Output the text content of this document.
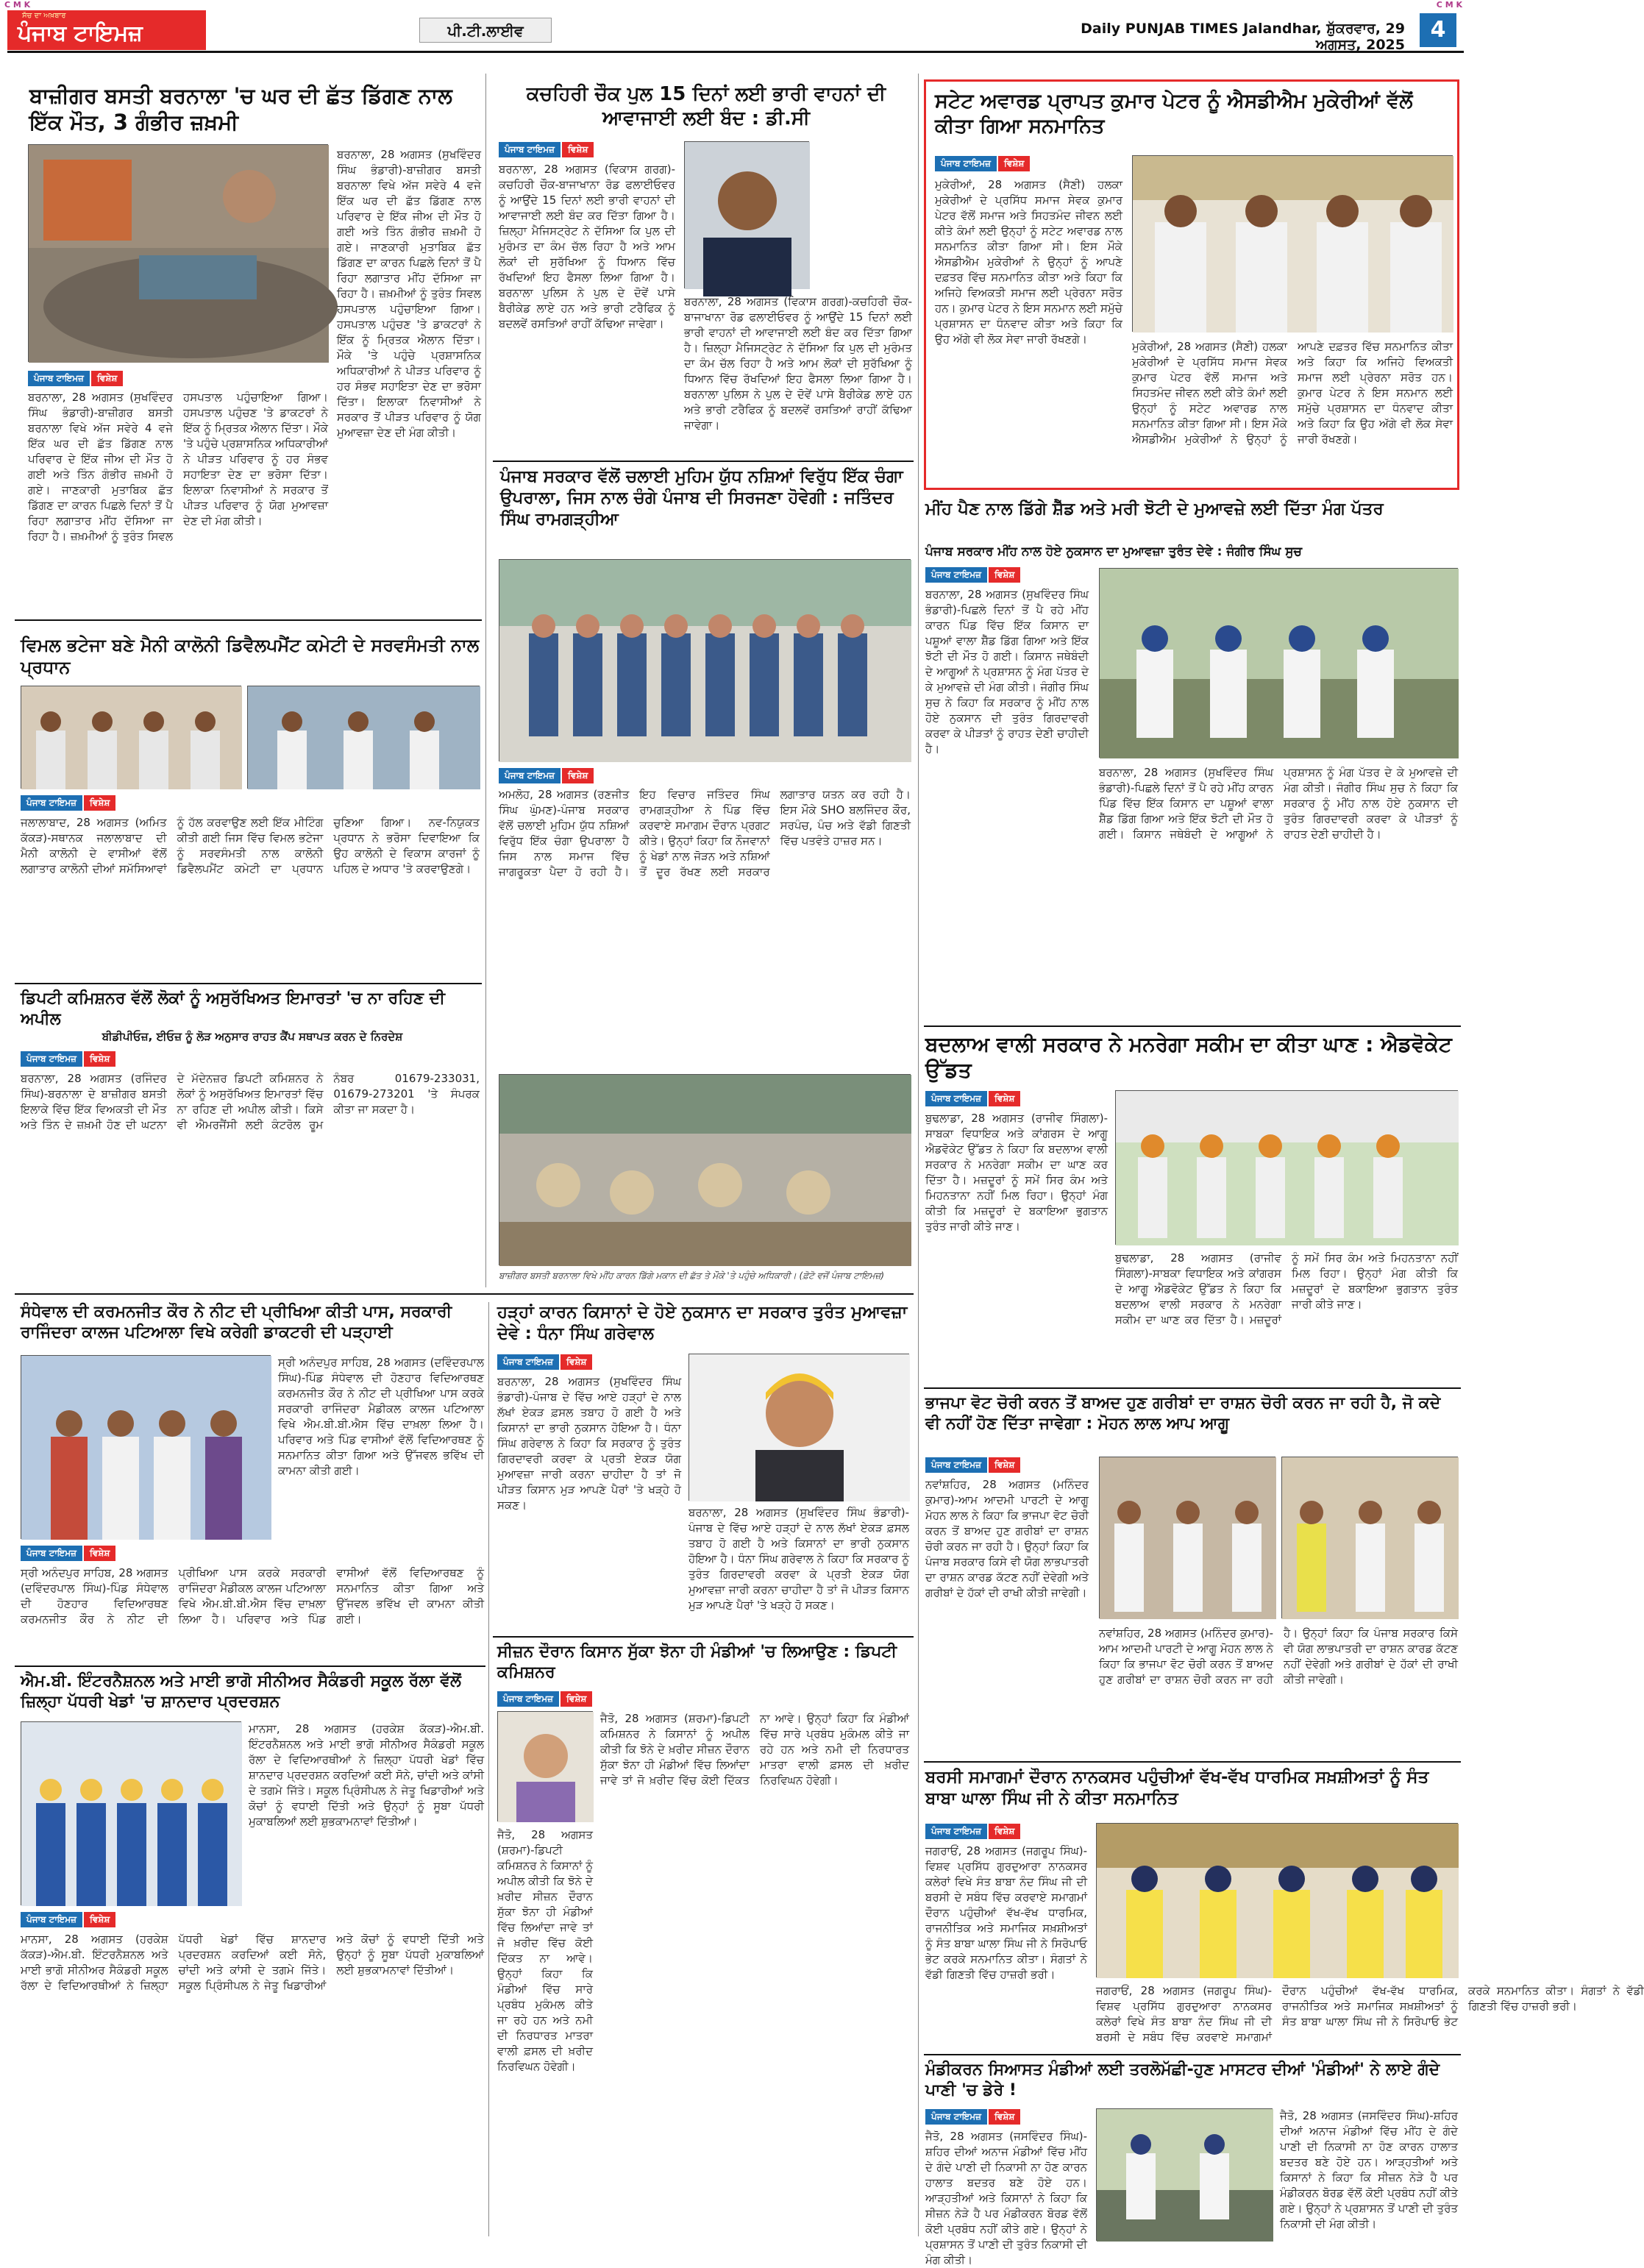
C M K	C M K
ਸੱਚ ਦਾ ਅਖ਼ਬਾਰ
ਪੰਜਾਬ ਟਾਇਮਜ਼	ਪੀ.ਟੀ.ਲਾਈਵ	Daily PUNJAB TIMES Jalandhar, ਸ਼ੁੱਕਰਵਾਰ, 29 ਅਗਸਤ, 2025
4
ਬਾਜ਼ੀਗਰ ਬਸਤੀ ਬਰਨਾਲਾ 'ਚ ਘਰ ਦੀ ਛੱਤ ਡਿੱਗਣ ਨਾਲ ਇੱਕ ਮੌਤ, 3 ਗੰਭੀਰ ਜ਼ਖ਼ਮੀ
ਪੰਜਾਬ ਟਾਇਮਜ਼	ਵਿਸ਼ੇਸ਼
ਬਰਨਾਲਾ, 28 ਅਗਸਤ (ਸੁਖਵਿੰਦਰ ਸਿੰਘ ਭੰਡਾਰੀ)-ਬਾਜ਼ੀਗਰ ਬਸਤੀ ਬਰਨਾਲਾ ਵਿਖੇ ਅੱਜ ਸਵੇਰੇ 4 ਵਜੇ ਇੱਕ ਘਰ ਦੀ ਛੱਤ ਡਿੱਗਣ ਨਾਲ ਪਰਿਵਾਰ ਦੇ ਇੱਕ ਜੀਅ ਦੀ ਮੌਤ ਹੋ ਗਈ ਅਤੇ ਤਿੰਨ ਗੰਭੀਰ ਜ਼ਖ਼ਮੀ ਹੋ ਗਏ। ਜਾਣਕਾਰੀ ਮੁਤਾਬਿਕ ਛੱਤ ਡਿੱਗਣ ਦਾ ਕਾਰਨ ਪਿਛਲੇ ਦਿਨਾਂ ਤੋਂ ਪੈ ਰਿਹਾ ਲਗਾਤਾਰ ਮੀਂਹ ਦੱਸਿਆ ਜਾ ਰਿਹਾ ਹੈ। ਜ਼ਖ਼ਮੀਆਂ ਨੂੰ ਤੁਰੰਤ ਸਿਵਲ ਹਸਪਤਾਲ ਪਹੁੰਚਾਇਆ ਗਿਆ। ਹਸਪਤਾਲ ਪਹੁੰਚਣ 'ਤੇ ਡਾਕਟਰਾਂ ਨੇ ਇੱਕ ਨੂੰ ਮ੍ਰਿਤਕ ਐਲਾਨ ਦਿੱਤਾ। ਮੌਕੇ 'ਤੇ ਪਹੁੰਚੇ ਪ੍ਰਸ਼ਾਸਨਿਕ ਅਧਿਕਾਰੀਆਂ ਨੇ ਪੀੜਤ ਪਰਿਵਾਰ ਨੂੰ ਹਰ ਸੰਭਵ ਸਹਾਇਤਾ ਦੇਣ ਦਾ ਭਰੋਸਾ ਦਿੱਤਾ। ਇਲਾਕਾ ਨਿਵਾਸੀਆਂ ਨੇ ਸਰਕਾਰ ਤੋਂ ਪੀੜਤ ਪਰਿਵਾਰ ਨੂੰ ਯੋਗ ਮੁਆਵਜ਼ਾ ਦੇਣ ਦੀ ਮੰਗ ਕੀਤੀ।
ਬਰਨਾਲਾ, 28 ਅਗਸਤ (ਸੁਖਵਿੰਦਰ ਸਿੰਘ ਭੰਡਾਰੀ)-ਬਾਜ਼ੀਗਰ ਬਸਤੀ ਬਰਨਾਲਾ ਵਿਖੇ ਅੱਜ ਸਵੇਰੇ 4 ਵਜੇ ਇੱਕ ਘਰ ਦੀ ਛੱਤ ਡਿੱਗਣ ਨਾਲ ਪਰਿਵਾਰ ਦੇ ਇੱਕ ਜੀਅ ਦੀ ਮੌਤ ਹੋ ਗਈ ਅਤੇ ਤਿੰਨ ਗੰਭੀਰ ਜ਼ਖ਼ਮੀ ਹੋ ਗਏ। ਜਾਣਕਾਰੀ ਮੁਤਾਬਿਕ ਛੱਤ ਡਿੱਗਣ ਦਾ ਕਾਰਨ ਪਿਛਲੇ ਦਿਨਾਂ ਤੋਂ ਪੈ ਰਿਹਾ ਲਗਾਤਾਰ ਮੀਂਹ ਦੱਸਿਆ ਜਾ ਰਿਹਾ ਹੈ। ਜ਼ਖ਼ਮੀਆਂ ਨੂੰ ਤੁਰੰਤ ਸਿਵਲ ਹਸਪਤਾਲ ਪਹੁੰਚਾਇਆ ਗਿਆ। ਹਸਪਤਾਲ ਪਹੁੰਚਣ 'ਤੇ ਡਾਕਟਰਾਂ ਨੇ ਇੱਕ ਨੂੰ ਮ੍ਰਿਤਕ ਐਲਾਨ ਦਿੱਤਾ। ਮੌਕੇ 'ਤੇ ਪਹੁੰਚੇ ਪ੍ਰਸ਼ਾਸਨਿਕ ਅਧਿਕਾਰੀਆਂ ਨੇ ਪੀੜਤ ਪਰਿਵਾਰ ਨੂੰ ਹਰ ਸੰਭਵ ਸਹਾਇਤਾ ਦੇਣ ਦਾ ਭਰੋਸਾ ਦਿੱਤਾ। ਇਲਾਕਾ ਨਿਵਾਸੀਆਂ ਨੇ ਸਰਕਾਰ ਤੋਂ ਪੀੜਤ ਪਰਿਵਾਰ ਨੂੰ ਯੋਗ ਮੁਆਵਜ਼ਾ ਦੇਣ ਦੀ ਮੰਗ ਕੀਤੀ।
ਕਚਹਿਰੀ ਚੌਕ ਪੁਲ 15 ਦਿਨਾਂ ਲਈ ਭਾਰੀ ਵਾਹਨਾਂ ਦੀ ਆਵਾਜਾਈ ਲਈ ਬੰਦ : ਡੀ.ਸੀ
ਪੰਜਾਬ ਟਾਇਮਜ਼	ਵਿਸ਼ੇਸ਼
ਬਰਨਾਲਾ, 28 ਅਗਸਤ (ਵਿਕਾਸ ਗਰਗ)-ਕਚਹਿਰੀ ਚੌਕ-ਬਾਜਾਖਾਨਾ ਰੋਡ ਫਲਾਈਓਵਰ ਨੂੰ ਆਉਂਦੇ 15 ਦਿਨਾਂ ਲਈ ਭਾਰੀ ਵਾਹਨਾਂ ਦੀ ਆਵਾਜਾਈ ਲਈ ਬੰਦ ਕਰ ਦਿੱਤਾ ਗਿਆ ਹੈ। ਜ਼ਿਲ੍ਹਾ ਮੈਜਿਸਟ੍ਰੇਟ ਨੇ ਦੱਸਿਆ ਕਿ ਪੁਲ ਦੀ ਮੁਰੰਮਤ ਦਾ ਕੰਮ ਚੱਲ ਰਿਹਾ ਹੈ ਅਤੇ ਆਮ ਲੋਕਾਂ ਦੀ ਸੁਰੱਖਿਆ ਨੂੰ ਧਿਆਨ ਵਿੱਚ ਰੱਖਦਿਆਂ ਇਹ ਫੈਸਲਾ ਲਿਆ ਗਿਆ ਹੈ। ਬਰਨਾਲਾ ਪੁਲਿਸ ਨੇ ਪੁਲ ਦੇ ਦੋਵੇਂ ਪਾਸੇ ਬੈਰੀਕੇਡ ਲਾਏ ਹਨ ਅਤੇ ਭਾਰੀ ਟਰੈਫਿਕ ਨੂੰ ਬਦਲਵੇਂ ਰਸਤਿਆਂ ਰਾਹੀਂ ਕੱਢਿਆ ਜਾਵੇਗਾ।
ਬਰਨਾਲਾ, 28 ਅਗਸਤ (ਵਿਕਾਸ ਗਰਗ)-ਕਚਹਿਰੀ ਚੌਕ-ਬਾਜਾਖਾਨਾ ਰੋਡ ਫਲਾਈਓਵਰ ਨੂੰ ਆਉਂਦੇ 15 ਦਿਨਾਂ ਲਈ ਭਾਰੀ ਵਾਹਨਾਂ ਦੀ ਆਵਾਜਾਈ ਲਈ ਬੰਦ ਕਰ ਦਿੱਤਾ ਗਿਆ ਹੈ। ਜ਼ਿਲ੍ਹਾ ਮੈਜਿਸਟ੍ਰੇਟ ਨੇ ਦੱਸਿਆ ਕਿ ਪੁਲ ਦੀ ਮੁਰੰਮਤ ਦਾ ਕੰਮ ਚੱਲ ਰਿਹਾ ਹੈ ਅਤੇ ਆਮ ਲੋਕਾਂ ਦੀ ਸੁਰੱਖਿਆ ਨੂੰ ਧਿਆਨ ਵਿੱਚ ਰੱਖਦਿਆਂ ਇਹ ਫੈਸਲਾ ਲਿਆ ਗਿਆ ਹੈ। ਬਰਨਾਲਾ ਪੁਲਿਸ ਨੇ ਪੁਲ ਦੇ ਦੋਵੇਂ ਪਾਸੇ ਬੈਰੀਕੇਡ ਲਾਏ ਹਨ ਅਤੇ ਭਾਰੀ ਟਰੈਫਿਕ ਨੂੰ ਬਦਲਵੇਂ ਰਸਤਿਆਂ ਰਾਹੀਂ ਕੱਢਿਆ ਜਾਵੇਗਾ।
ਪੰਜਾਬ ਸਰਕਾਰ ਵੱਲੋਂ ਚਲਾਈ ਮੁਹਿਮ ਯੁੱਧ ਨਸ਼ਿਆਂ ਵਿਰੁੱਧ ਇੱਕ ਚੰਗਾ ਉਪਰਾਲਾ, ਜਿਸ ਨਾਲ ਚੰਗੇ ਪੰਜਾਬ ਦੀ ਸਿਰਜਣਾ ਹੋਵੇਗੀ : ਜਤਿੰਦਰ ਸਿੰਘ ਰਾਮਗੜ੍ਹੀਆ
ਪੰਜਾਬ ਟਾਇਮਜ਼	ਵਿਸ਼ੇਸ਼
ਅਮਲੋਹ, 28 ਅਗਸਤ (ਰਣਜੀਤ ਸਿੰਘ ਘੁੰਮਣ)-ਪੰਜਾਬ ਸਰਕਾਰ ਵੱਲੋਂ ਚਲਾਈ ਮੁਹਿਮ ਯੁੱਧ ਨਸ਼ਿਆਂ ਵਿਰੁੱਧ ਇੱਕ ਚੰਗਾ ਉਪਰਾਲਾ ਹੈ ਜਿਸ ਨਾਲ ਸਮਾਜ ਵਿੱਚ ਜਾਗਰੂਕਤਾ ਪੈਦਾ ਹੋ ਰਹੀ ਹੈ। ਇਹ ਵਿਚਾਰ ਜਤਿੰਦਰ ਸਿੰਘ ਰਾਮਗੜ੍ਹੀਆ ਨੇ ਪਿੰਡ ਵਿੱਚ ਕਰਵਾਏ ਸਮਾਗਮ ਦੌਰਾਨ ਪ੍ਰਗਟ ਕੀਤੇ। ਉਨ੍ਹਾਂ ਕਿਹਾ ਕਿ ਨੌਜਵਾਨਾਂ ਨੂੰ ਖੇਡਾਂ ਨਾਲ ਜੋੜਨ ਅਤੇ ਨਸ਼ਿਆਂ ਤੋਂ ਦੂਰ ਰੱਖਣ ਲਈ ਸਰਕਾਰ ਲਗਾਤਾਰ ਯਤਨ ਕਰ ਰਹੀ ਹੈ। ਇਸ ਮੌਕੇ SHO ਬਲਜਿੰਦਰ ਕੌਰ, ਸਰਪੰਚ, ਪੰਚ ਅਤੇ ਵੱਡੀ ਗਿਣਤੀ ਵਿੱਚ ਪਤਵੰਤੇ ਹਾਜ਼ਰ ਸਨ।
ਬਾਜ਼ੀਗਰ ਬਸਤੀ ਬਰਨਾਲਾ ਵਿਖੇ ਮੀਂਹ ਕਾਰਨ ਡਿੱਗੇ ਮਕਾਨ ਦੀ ਛੱਤ ਤੇ ਮੌਕੇ 'ਤੇ ਪਹੁੰਚੇ ਅਧਿਕਾਰੀ। (ਫ਼ੋਟੋ ਵਜੋਂ ਪੰਜਾਬ ਟਾਇਮਜ਼)
ਸਟੇਟ ਅਵਾਰਡ ਪ੍ਰਾਪਤ ਕੁਮਾਰ ਪੇਟਰ ਨੂੰ ਐਸਡੀਐਮ ਮੁਕੇਰੀਆਂ ਵੱਲੋਂ ਕੀਤਾ ਗਿਆ ਸਨਮਾਨਿਤ
ਪੰਜਾਬ ਟਾਇਮਜ਼	ਵਿਸ਼ੇਸ਼
ਮੁਕੇਰੀਆਂ, 28 ਅਗਸਤ (ਸੈਣੀ) ਹਲਕਾ ਮੁਕੇਰੀਆਂ ਦੇ ਪ੍ਰਸਿੱਧ ਸਮਾਜ ਸੇਵਕ ਕੁਮਾਰ ਪੇਟਰ ਵੱਲੋਂ ਸਮਾਜ ਅਤੇ ਸਿਹਤਮੰਦ ਜੀਵਨ ਲਈ ਕੀਤੇ ਕੰਮਾਂ ਲਈ ਉਨ੍ਹਾਂ ਨੂੰ ਸਟੇਟ ਅਵਾਰਡ ਨਾਲ ਸਨਮਾਨਿਤ ਕੀਤਾ ਗਿਆ ਸੀ। ਇਸ ਮੌਕੇ ਐਸਡੀਐਮ ਮੁਕੇਰੀਆਂ ਨੇ ਉਨ੍ਹਾਂ ਨੂੰ ਆਪਣੇ ਦਫ਼ਤਰ ਵਿੱਚ ਸਨਮਾਨਿਤ ਕੀਤਾ ਅਤੇ ਕਿਹਾ ਕਿ ਅਜਿਹੇ ਵਿਅਕਤੀ ਸਮਾਜ ਲਈ ਪ੍ਰੇਰਨਾ ਸਰੋਤ ਹਨ। ਕੁਮਾਰ ਪੇਟਰ ਨੇ ਇਸ ਸਨਮਾਨ ਲਈ ਸਮੁੱਚੇ ਪ੍ਰਸ਼ਾਸਨ ਦਾ ਧੰਨਵਾਦ ਕੀਤਾ ਅਤੇ ਕਿਹਾ ਕਿ ਉਹ ਅੱਗੇ ਵੀ ਲੋਕ ਸੇਵਾ ਜਾਰੀ ਰੱਖਣਗੇ।
ਮੁਕੇਰੀਆਂ, 28 ਅਗਸਤ (ਸੈਣੀ) ਹਲਕਾ ਮੁਕੇਰੀਆਂ ਦੇ ਪ੍ਰਸਿੱਧ ਸਮਾਜ ਸੇਵਕ ਕੁਮਾਰ ਪੇਟਰ ਵੱਲੋਂ ਸਮਾਜ ਅਤੇ ਸਿਹਤਮੰਦ ਜੀਵਨ ਲਈ ਕੀਤੇ ਕੰਮਾਂ ਲਈ ਉਨ੍ਹਾਂ ਨੂੰ ਸਟੇਟ ਅਵਾਰਡ ਨਾਲ ਸਨਮਾਨਿਤ ਕੀਤਾ ਗਿਆ ਸੀ। ਇਸ ਮੌਕੇ ਐਸਡੀਐਮ ਮੁਕੇਰੀਆਂ ਨੇ ਉਨ੍ਹਾਂ ਨੂੰ ਆਪਣੇ ਦਫ਼ਤਰ ਵਿੱਚ ਸਨਮਾਨਿਤ ਕੀਤਾ ਅਤੇ ਕਿਹਾ ਕਿ ਅਜਿਹੇ ਵਿਅਕਤੀ ਸਮਾਜ ਲਈ ਪ੍ਰੇਰਨਾ ਸਰੋਤ ਹਨ। ਕੁਮਾਰ ਪੇਟਰ ਨੇ ਇਸ ਸਨਮਾਨ ਲਈ ਸਮੁੱਚੇ ਪ੍ਰਸ਼ਾਸਨ ਦਾ ਧੰਨਵਾਦ ਕੀਤਾ ਅਤੇ ਕਿਹਾ ਕਿ ਉਹ ਅੱਗੇ ਵੀ ਲੋਕ ਸੇਵਾ ਜਾਰੀ ਰੱਖਣਗੇ।
ਮੀਂਹ ਪੈਣ ਨਾਲ ਡਿੱਗੇ ਸ਼ੈੱਡ ਅਤੇ ਮਰੀ ਝੋਟੀ ਦੇ ਮੁਆਵਜ਼ੇ ਲਈ ਦਿੱਤਾ ਮੰਗ ਪੱਤਰ
ਪੰਜਾਬ ਸਰਕਾਰ ਮੀਂਹ ਨਾਲ ਹੋਏ ਨੁਕਸਾਨ ਦਾ ਮੁਆਵਜ਼ਾ ਤੁਰੰਤ ਦੇਵੇ : ਜੰਗੀਰ ਸਿੰਘ ਸੁਚ
ਪੰਜਾਬ ਟਾਇਮਜ਼	ਵਿਸ਼ੇਸ਼
ਬਰਨਾਲਾ, 28 ਅਗਸਤ (ਸੁਖਵਿੰਦਰ ਸਿੰਘ ਭੰਡਾਰੀ)-ਪਿਛਲੇ ਦਿਨਾਂ ਤੋਂ ਪੈ ਰਹੇ ਮੀਂਹ ਕਾਰਨ ਪਿੰਡ ਵਿੱਚ ਇੱਕ ਕਿਸਾਨ ਦਾ ਪਸ਼ੂਆਂ ਵਾਲਾ ਸ਼ੈੱਡ ਡਿੱਗ ਗਿਆ ਅਤੇ ਇੱਕ ਝੋਟੀ ਦੀ ਮੌਤ ਹੋ ਗਈ। ਕਿਸਾਨ ਜਥੇਬੰਦੀ ਦੇ ਆਗੂਆਂ ਨੇ ਪ੍ਰਸ਼ਾਸਨ ਨੂੰ ਮੰਗ ਪੱਤਰ ਦੇ ਕੇ ਮੁਆਵਜ਼ੇ ਦੀ ਮੰਗ ਕੀਤੀ। ਜੰਗੀਰ ਸਿੰਘ ਸੁਚ ਨੇ ਕਿਹਾ ਕਿ ਸਰਕਾਰ ਨੂੰ ਮੀਂਹ ਨਾਲ ਹੋਏ ਨੁਕਸਾਨ ਦੀ ਤੁਰੰਤ ਗਿਰਦਾਵਰੀ ਕਰਵਾ ਕੇ ਪੀੜਤਾਂ ਨੂੰ ਰਾਹਤ ਦੇਣੀ ਚਾਹੀਦੀ ਹੈ।
ਬਰਨਾਲਾ, 28 ਅਗਸਤ (ਸੁਖਵਿੰਦਰ ਸਿੰਘ ਭੰਡਾਰੀ)-ਪਿਛਲੇ ਦਿਨਾਂ ਤੋਂ ਪੈ ਰਹੇ ਮੀਂਹ ਕਾਰਨ ਪਿੰਡ ਵਿੱਚ ਇੱਕ ਕਿਸਾਨ ਦਾ ਪਸ਼ੂਆਂ ਵਾਲਾ ਸ਼ੈੱਡ ਡਿੱਗ ਗਿਆ ਅਤੇ ਇੱਕ ਝੋਟੀ ਦੀ ਮੌਤ ਹੋ ਗਈ। ਕਿਸਾਨ ਜਥੇਬੰਦੀ ਦੇ ਆਗੂਆਂ ਨੇ ਪ੍ਰਸ਼ਾਸਨ ਨੂੰ ਮੰਗ ਪੱਤਰ ਦੇ ਕੇ ਮੁਆਵਜ਼ੇ ਦੀ ਮੰਗ ਕੀਤੀ। ਜੰਗੀਰ ਸਿੰਘ ਸੁਚ ਨੇ ਕਿਹਾ ਕਿ ਸਰਕਾਰ ਨੂੰ ਮੀਂਹ ਨਾਲ ਹੋਏ ਨੁਕਸਾਨ ਦੀ ਤੁਰੰਤ ਗਿਰਦਾਵਰੀ ਕਰਵਾ ਕੇ ਪੀੜਤਾਂ ਨੂੰ ਰਾਹਤ ਦੇਣੀ ਚਾਹੀਦੀ ਹੈ।
ਬਦਲਾਅ ਵਾਲੀ ਸਰਕਾਰ ਨੇ ਮਨਰੇਗਾ ਸਕੀਮ ਦਾ ਕੀਤਾ ਘਾਣ : ਐਡਵੋਕੇਟ ਉੱਡਤ
ਪੰਜਾਬ ਟਾਇਮਜ਼	ਵਿਸ਼ੇਸ਼
ਬੁਢਲਾਡਾ, 28 ਅਗਸਤ (ਰਾਜੀਵ ਸਿੰਗਲਾ)-ਸਾਬਕਾ ਵਿਧਾਇਕ ਅਤੇ ਕਾਂਗਰਸ ਦੇ ਆਗੂ ਐਡਵੋਕੇਟ ਉੱਡਤ ਨੇ ਕਿਹਾ ਕਿ ਬਦਲਾਅ ਵਾਲੀ ਸਰਕਾਰ ਨੇ ਮਨਰੇਗਾ ਸਕੀਮ ਦਾ ਘਾਣ ਕਰ ਦਿੱਤਾ ਹੈ। ਮਜ਼ਦੂਰਾਂ ਨੂੰ ਸਮੇਂ ਸਿਰ ਕੰਮ ਅਤੇ ਮਿਹਨਤਾਨਾ ਨਹੀਂ ਮਿਲ ਰਿਹਾ। ਉਨ੍ਹਾਂ ਮੰਗ ਕੀਤੀ ਕਿ ਮਜ਼ਦੂਰਾਂ ਦੇ ਬਕਾਇਆ ਭੁਗਤਾਨ ਤੁਰੰਤ ਜਾਰੀ ਕੀਤੇ ਜਾਣ।
ਬੁਢਲਾਡਾ, 28 ਅਗਸਤ (ਰਾਜੀਵ ਸਿੰਗਲਾ)-ਸਾਬਕਾ ਵਿਧਾਇਕ ਅਤੇ ਕਾਂਗਰਸ ਦੇ ਆਗੂ ਐਡਵੋਕੇਟ ਉੱਡਤ ਨੇ ਕਿਹਾ ਕਿ ਬਦਲਾਅ ਵਾਲੀ ਸਰਕਾਰ ਨੇ ਮਨਰੇਗਾ ਸਕੀਮ ਦਾ ਘਾਣ ਕਰ ਦਿੱਤਾ ਹੈ। ਮਜ਼ਦੂਰਾਂ ਨੂੰ ਸਮੇਂ ਸਿਰ ਕੰਮ ਅਤੇ ਮਿਹਨਤਾਨਾ ਨਹੀਂ ਮਿਲ ਰਿਹਾ। ਉਨ੍ਹਾਂ ਮੰਗ ਕੀਤੀ ਕਿ ਮਜ਼ਦੂਰਾਂ ਦੇ ਬਕਾਇਆ ਭੁਗਤਾਨ ਤੁਰੰਤ ਜਾਰੀ ਕੀਤੇ ਜਾਣ।
ਭਾਜਪਾ ਵੋਟ ਚੋਰੀ ਕਰਨ ਤੋਂ ਬਾਅਦ ਹੁਣ ਗਰੀਬਾਂ ਦਾ ਰਾਸ਼ਨ ਚੋਰੀ ਕਰਨ ਜਾ ਰਹੀ ਹੈ, ਜੋ ਕਦੇ ਵੀ ਨਹੀਂ ਹੋਣ ਦਿੱਤਾ ਜਾਵੇਗਾ : ਮੋਹਨ ਲਾਲ ਆਪ ਆਗੂ
ਪੰਜਾਬ ਟਾਇਮਜ਼	ਵਿਸ਼ੇਸ਼
ਨਵਾਂਸ਼ਹਿਰ, 28 ਅਗਸਤ (ਮਨਿੰਦਰ ਕੁਮਾਰ)-ਆਮ ਆਦਮੀ ਪਾਰਟੀ ਦੇ ਆਗੂ ਮੋਹਨ ਲਾਲ ਨੇ ਕਿਹਾ ਕਿ ਭਾਜਪਾ ਵੋਟ ਚੋਰੀ ਕਰਨ ਤੋਂ ਬਾਅਦ ਹੁਣ ਗਰੀਬਾਂ ਦਾ ਰਾਸ਼ਨ ਚੋਰੀ ਕਰਨ ਜਾ ਰਹੀ ਹੈ। ਉਨ੍ਹਾਂ ਕਿਹਾ ਕਿ ਪੰਜਾਬ ਸਰਕਾਰ ਕਿਸੇ ਵੀ ਯੋਗ ਲਾਭਪਾਤਰੀ ਦਾ ਰਾਸ਼ਨ ਕਾਰਡ ਕੱਟਣ ਨਹੀਂ ਦੇਵੇਗੀ ਅਤੇ ਗਰੀਬਾਂ ਦੇ ਹੱਕਾਂ ਦੀ ਰਾਖੀ ਕੀਤੀ ਜਾਵੇਗੀ।
ਨਵਾਂਸ਼ਹਿਰ, 28 ਅਗਸਤ (ਮਨਿੰਦਰ ਕੁਮਾਰ)-ਆਮ ਆਦਮੀ ਪਾਰਟੀ ਦੇ ਆਗੂ ਮੋਹਨ ਲਾਲ ਨੇ ਕਿਹਾ ਕਿ ਭਾਜਪਾ ਵੋਟ ਚੋਰੀ ਕਰਨ ਤੋਂ ਬਾਅਦ ਹੁਣ ਗਰੀਬਾਂ ਦਾ ਰਾਸ਼ਨ ਚੋਰੀ ਕਰਨ ਜਾ ਰਹੀ ਹੈ। ਉਨ੍ਹਾਂ ਕਿਹਾ ਕਿ ਪੰਜਾਬ ਸਰਕਾਰ ਕਿਸੇ ਵੀ ਯੋਗ ਲਾਭਪਾਤਰੀ ਦਾ ਰਾਸ਼ਨ ਕਾਰਡ ਕੱਟਣ ਨਹੀਂ ਦੇਵੇਗੀ ਅਤੇ ਗਰੀਬਾਂ ਦੇ ਹੱਕਾਂ ਦੀ ਰਾਖੀ ਕੀਤੀ ਜਾਵੇਗੀ।
ਬਰਸੀ ਸਮਾਗਮਾਂ ਦੌਰਾਨ ਨਾਨਕਸਰ ਪਹੁੰਚੀਆਂ ਵੱਖ-ਵੱਖ ਧਾਰਮਿਕ ਸਖ਼ਸ਼ੀਅਤਾਂ ਨੂੰ ਸੰਤ ਬਾਬਾ ਘਾਲਾ ਸਿੰਘ ਜੀ ਨੇ ਕੀਤਾ ਸਨਮਾਨਿਤ
ਪੰਜਾਬ ਟਾਇਮਜ਼	ਵਿਸ਼ੇਸ਼
ਜਗਰਾਓਂ, 28 ਅਗਸਤ (ਜਗਰੂਪ ਸਿੰਘ)-ਵਿਸ਼ਵ ਪ੍ਰਸਿੱਧ ਗੁਰਦੁਆਰਾ ਨਾਨਕਸਰ ਕਲੇਰਾਂ ਵਿਖੇ ਸੰਤ ਬਾਬਾ ਨੰਦ ਸਿੰਘ ਜੀ ਦੀ ਬਰਸੀ ਦੇ ਸਬੰਧ ਵਿੱਚ ਕਰਵਾਏ ਸਮਾਗਮਾਂ ਦੌਰਾਨ ਪਹੁੰਚੀਆਂ ਵੱਖ-ਵੱਖ ਧਾਰਮਿਕ, ਰਾਜਨੀਤਿਕ ਅਤੇ ਸਮਾਜਿਕ ਸਖ਼ਸ਼ੀਅਤਾਂ ਨੂੰ ਸੰਤ ਬਾਬਾ ਘਾਲਾ ਸਿੰਘ ਜੀ ਨੇ ਸਿਰੋਪਾਓ ਭੇਟ ਕਰਕੇ ਸਨਮਾਨਿਤ ਕੀਤਾ। ਸੰਗਤਾਂ ਨੇ ਵੱਡੀ ਗਿਣਤੀ ਵਿੱਚ ਹਾਜ਼ਰੀ ਭਰੀ।
ਜਗਰਾਓਂ, 28 ਅਗਸਤ (ਜਗਰੂਪ ਸਿੰਘ)-ਵਿਸ਼ਵ ਪ੍ਰਸਿੱਧ ਗੁਰਦੁਆਰਾ ਨਾਨਕਸਰ ਕਲੇਰਾਂ ਵਿਖੇ ਸੰਤ ਬਾਬਾ ਨੰਦ ਸਿੰਘ ਜੀ ਦੀ ਬਰਸੀ ਦੇ ਸਬੰਧ ਵਿੱਚ ਕਰਵਾਏ ਸਮਾਗਮਾਂ ਦੌਰਾਨ ਪਹੁੰਚੀਆਂ ਵੱਖ-ਵੱਖ ਧਾਰਮਿਕ, ਰਾਜਨੀਤਿਕ ਅਤੇ ਸਮਾਜਿਕ ਸਖ਼ਸ਼ੀਅਤਾਂ ਨੂੰ ਸੰਤ ਬਾਬਾ ਘਾਲਾ ਸਿੰਘ ਜੀ ਨੇ ਸਿਰੋਪਾਓ ਭੇਟ ਕਰਕੇ ਸਨਮਾਨਿਤ ਕੀਤਾ। ਸੰਗਤਾਂ ਨੇ ਵੱਡੀ ਗਿਣਤੀ ਵਿੱਚ ਹਾਜ਼ਰੀ ਭਰੀ।
ਮੰਡੀਕਰਨ ਸਿਆਸਤ ਮੰਡੀਆਂ ਲਈ ਤਰਲੋਮੱਛੀ-ਹੁਣ ਮਾਸਟਰ ਦੀਆਂ 'ਮੰਡੀਆਂ' ਨੇ ਲਾਏ ਗੰਦੇ ਪਾਣੀ 'ਚ ਡੇਰੇ !
ਪੰਜਾਬ ਟਾਇਮਜ਼	ਵਿਸ਼ੇਸ਼
ਜੈਤੋ, 28 ਅਗਸਤ (ਜਸਵਿੰਦਰ ਸਿੰਘ)-ਸ਼ਹਿਰ ਦੀਆਂ ਅਨਾਜ ਮੰਡੀਆਂ ਵਿੱਚ ਮੀਂਹ ਦੇ ਗੰਦੇ ਪਾਣੀ ਦੀ ਨਿਕਾਸੀ ਨਾ ਹੋਣ ਕਾਰਨ ਹਾਲਾਤ ਬਦਤਰ ਬਣੇ ਹੋਏ ਹਨ। ਆੜ੍ਹਤੀਆਂ ਅਤੇ ਕਿਸਾਨਾਂ ਨੇ ਕਿਹਾ ਕਿ ਸੀਜ਼ਨ ਨੇੜੇ ਹੈ ਪਰ ਮੰਡੀਕਰਨ ਬੋਰਡ ਵੱਲੋਂ ਕੋਈ ਪ੍ਰਬੰਧ ਨਹੀਂ ਕੀਤੇ ਗਏ। ਉਨ੍ਹਾਂ ਨੇ ਪ੍ਰਸ਼ਾਸਨ ਤੋਂ ਪਾਣੀ ਦੀ ਤੁਰੰਤ ਨਿਕਾਸੀ ਦੀ ਮੰਗ ਕੀਤੀ।
ਜੈਤੋ, 28 ਅਗਸਤ (ਜਸਵਿੰਦਰ ਸਿੰਘ)-ਸ਼ਹਿਰ ਦੀਆਂ ਅਨਾਜ ਮੰਡੀਆਂ ਵਿੱਚ ਮੀਂਹ ਦੇ ਗੰਦੇ ਪਾਣੀ ਦੀ ਨਿਕਾਸੀ ਨਾ ਹੋਣ ਕਾਰਨ ਹਾਲਾਤ ਬਦਤਰ ਬਣੇ ਹੋਏ ਹਨ। ਆੜ੍ਹਤੀਆਂ ਅਤੇ ਕਿਸਾਨਾਂ ਨੇ ਕਿਹਾ ਕਿ ਸੀਜ਼ਨ ਨੇੜੇ ਹੈ ਪਰ ਮੰਡੀਕਰਨ ਬੋਰਡ ਵੱਲੋਂ ਕੋਈ ਪ੍ਰਬੰਧ ਨਹੀਂ ਕੀਤੇ ਗਏ। ਉਨ੍ਹਾਂ ਨੇ ਪ੍ਰਸ਼ਾਸਨ ਤੋਂ ਪਾਣੀ ਦੀ ਤੁਰੰਤ ਨਿਕਾਸੀ ਦੀ ਮੰਗ ਕੀਤੀ।
ਵਿਮਲ ਭਟੇਜਾ ਬਣੇ ਮੈਨੀ ਕਾਲੋਨੀ ਡਿਵੈਲਪਮੈਂਟ ਕਮੇਟੀ ਦੇ ਸਰਵਸੰਮਤੀ ਨਾਲ ਪ੍ਰਧਾਨ
ਪੰਜਾਬ ਟਾਇਮਜ਼	ਵਿਸ਼ੇਸ਼
ਜਲਾਲਾਬਾਦ, 28 ਅਗਸਤ (ਅਮਿਤ ਕੱਕੜ)-ਸਥਾਨਕ ਜਲਾਲਾਬਾਦ ਦੀ ਮੈਨੀ ਕਾਲੋਨੀ ਦੇ ਵਾਸੀਆਂ ਵੱਲੋਂ ਲਗਾਤਾਰ ਕਾਲੋਨੀ ਦੀਆਂ ਸਮੱਸਿਆਵਾਂ ਨੂੰ ਹੱਲ ਕਰਵਾਉਣ ਲਈ ਇੱਕ ਮੀਟਿੰਗ ਕੀਤੀ ਗਈ ਜਿਸ ਵਿੱਚ ਵਿਮਲ ਭਟੇਜਾ ਨੂੰ ਸਰਵਸੰਮਤੀ ਨਾਲ ਕਾਲੋਨੀ ਡਿਵੈਲਪਮੈਂਟ ਕਮੇਟੀ ਦਾ ਪ੍ਰਧਾਨ ਚੁਣਿਆ ਗਿਆ। ਨਵ-ਨਿਯੁਕਤ ਪ੍ਰਧਾਨ ਨੇ ਭਰੋਸਾ ਦਿਵਾਇਆ ਕਿ ਉਹ ਕਾਲੋਨੀ ਦੇ ਵਿਕਾਸ ਕਾਰਜਾਂ ਨੂੰ ਪਹਿਲ ਦੇ ਅਧਾਰ 'ਤੇ ਕਰਵਾਉਣਗੇ।
ਡਿਪਟੀ ਕਮਿਸ਼ਨਰ ਵੱਲੋਂ ਲੋਕਾਂ ਨੂੰ ਅਸੁਰੱਖਿਅਤ ਇਮਾਰਤਾਂ 'ਚ ਨਾ ਰਹਿਣ ਦੀ ਅਪੀਲ
ਬੀਡੀਪੀਓਜ਼, ਈਓਜ਼ ਨੂੰ ਲੋੜ ਅਨੁਸਾਰ ਰਾਹਤ ਕੈਂਪ ਸਥਾਪਤ ਕਰਨ ਦੇ ਨਿਰਦੇਸ਼
ਪੰਜਾਬ ਟਾਇਮਜ਼	ਵਿਸ਼ੇਸ਼
ਬਰਨਾਲਾ, 28 ਅਗਸਤ (ਰਜਿੰਦਰ ਸਿੰਘ)-ਬਰਨਾਲਾ ਦੇ ਬਾਜ਼ੀਗਰ ਬਸਤੀ ਇਲਾਕੇ ਵਿੱਚ ਇੱਕ ਵਿਅਕਤੀ ਦੀ ਮੌਤ ਅਤੇ ਤਿੰਨ ਦੇ ਜ਼ਖ਼ਮੀ ਹੋਣ ਦੀ ਘਟਨਾ ਦੇ ਮੱਦੇਨਜ਼ਰ ਡਿਪਟੀ ਕਮਿਸ਼ਨਰ ਨੇ ਲੋਕਾਂ ਨੂੰ ਅਸੁਰੱਖਿਅਤ ਇਮਾਰਤਾਂ ਵਿੱਚ ਨਾ ਰਹਿਣ ਦੀ ਅਪੀਲ ਕੀਤੀ। ਕਿਸੇ ਵੀ ਐਮਰਜੈਂਸੀ ਲਈ ਕੰਟਰੋਲ ਰੂਮ ਨੰਬਰ 01679-233031, 01679-273201 'ਤੇ ਸੰਪਰਕ ਕੀਤਾ ਜਾ ਸਕਦਾ ਹੈ।
ਹੜ੍ਹਾਂ ਕਾਰਨ ਕਿਸਾਨਾਂ ਦੇ ਹੋਏ ਨੁਕਸਾਨ ਦਾ ਸਰਕਾਰ ਤੁਰੰਤ ਮੁਆਵਜ਼ਾ ਦੇਵੇ : ਧੰਨਾ ਸਿੰਘ ਗਰੇਵਾਲ
ਪੰਜਾਬ ਟਾਇਮਜ਼	ਵਿਸ਼ੇਸ਼
ਬਰਨਾਲਾ, 28 ਅਗਸਤ (ਸੁਖਵਿੰਦਰ ਸਿੰਘ ਭੰਡਾਰੀ)-ਪੰਜਾਬ ਦੇ ਵਿੱਚ ਆਏ ਹੜ੍ਹਾਂ ਦੇ ਨਾਲ ਲੱਖਾਂ ਏਕੜ ਫ਼ਸਲ ਤਬਾਹ ਹੋ ਗਈ ਹੈ ਅਤੇ ਕਿਸਾਨਾਂ ਦਾ ਭਾਰੀ ਨੁਕਸਾਨ ਹੋਇਆ ਹੈ। ਧੰਨਾ ਸਿੰਘ ਗਰੇਵਾਲ ਨੇ ਕਿਹਾ ਕਿ ਸਰਕਾਰ ਨੂੰ ਤੁਰੰਤ ਗਿਰਦਾਵਰੀ ਕਰਵਾ ਕੇ ਪ੍ਰਤੀ ਏਕੜ ਯੋਗ ਮੁਆਵਜ਼ਾ ਜਾਰੀ ਕਰਨਾ ਚਾਹੀਦਾ ਹੈ ਤਾਂ ਜੋ ਪੀੜਤ ਕਿਸਾਨ ਮੁੜ ਆਪਣੇ ਪੈਰਾਂ 'ਤੇ ਖੜ੍ਹੇ ਹੋ ਸਕਣ।
ਬਰਨਾਲਾ, 28 ਅਗਸਤ (ਸੁਖਵਿੰਦਰ ਸਿੰਘ ਭੰਡਾਰੀ)-ਪੰਜਾਬ ਦੇ ਵਿੱਚ ਆਏ ਹੜ੍ਹਾਂ ਦੇ ਨਾਲ ਲੱਖਾਂ ਏਕੜ ਫ਼ਸਲ ਤਬਾਹ ਹੋ ਗਈ ਹੈ ਅਤੇ ਕਿਸਾਨਾਂ ਦਾ ਭਾਰੀ ਨੁਕਸਾਨ ਹੋਇਆ ਹੈ। ਧੰਨਾ ਸਿੰਘ ਗਰੇਵਾਲ ਨੇ ਕਿਹਾ ਕਿ ਸਰਕਾਰ ਨੂੰ ਤੁਰੰਤ ਗਿਰਦਾਵਰੀ ਕਰਵਾ ਕੇ ਪ੍ਰਤੀ ਏਕੜ ਯੋਗ ਮੁਆਵਜ਼ਾ ਜਾਰੀ ਕਰਨਾ ਚਾਹੀਦਾ ਹੈ ਤਾਂ ਜੋ ਪੀੜਤ ਕਿਸਾਨ ਮੁੜ ਆਪਣੇ ਪੈਰਾਂ 'ਤੇ ਖੜ੍ਹੇ ਹੋ ਸਕਣ।
ਸੀਜ਼ਨ ਦੌਰਾਨ ਕਿਸਾਨ ਸੁੱਕਾ ਝੋਨਾ ਹੀ ਮੰਡੀਆਂ 'ਚ ਲਿਆਉਣ : ਡਿਪਟੀ ਕਮਿਸ਼ਨਰ
ਪੰਜਾਬ ਟਾਇਮਜ਼	ਵਿਸ਼ੇਸ਼
ਜੈਤੋ, 28 ਅਗਸਤ (ਸ਼ਰਮਾ)-ਡਿਪਟੀ ਕਮਿਸ਼ਨਰ ਨੇ ਕਿਸਾਨਾਂ ਨੂੰ ਅਪੀਲ ਕੀਤੀ ਕਿ ਝੋਨੇ ਦੇ ਖ਼ਰੀਦ ਸੀਜ਼ਨ ਦੌਰਾਨ ਸੁੱਕਾ ਝੋਨਾ ਹੀ ਮੰਡੀਆਂ ਵਿੱਚ ਲਿਆਂਦਾ ਜਾਵੇ ਤਾਂ ਜੋ ਖ਼ਰੀਦ ਵਿੱਚ ਕੋਈ ਦਿੱਕਤ ਨਾ ਆਵੇ। ਉਨ੍ਹਾਂ ਕਿਹਾ ਕਿ ਮੰਡੀਆਂ ਵਿੱਚ ਸਾਰੇ ਪ੍ਰਬੰਧ ਮੁਕੰਮਲ ਕੀਤੇ ਜਾ ਰਹੇ ਹਨ ਅਤੇ ਨਮੀ ਦੀ ਨਿਰਧਾਰਤ ਮਾਤਰਾ ਵਾਲੀ ਫ਼ਸਲ ਦੀ ਖ਼ਰੀਦ ਨਿਰਵਿਘਨ ਹੋਵੇਗੀ।
ਜੈਤੋ, 28 ਅਗਸਤ (ਸ਼ਰਮਾ)-ਡਿਪਟੀ ਕਮਿਸ਼ਨਰ ਨੇ ਕਿਸਾਨਾਂ ਨੂੰ ਅਪੀਲ ਕੀਤੀ ਕਿ ਝੋਨੇ ਦੇ ਖ਼ਰੀਦ ਸੀਜ਼ਨ ਦੌਰਾਨ ਸੁੱਕਾ ਝੋਨਾ ਹੀ ਮੰਡੀਆਂ ਵਿੱਚ ਲਿਆਂਦਾ ਜਾਵੇ ਤਾਂ ਜੋ ਖ਼ਰੀਦ ਵਿੱਚ ਕੋਈ ਦਿੱਕਤ ਨਾ ਆਵੇ। ਉਨ੍ਹਾਂ ਕਿਹਾ ਕਿ ਮੰਡੀਆਂ ਵਿੱਚ ਸਾਰੇ ਪ੍ਰਬੰਧ ਮੁਕੰਮਲ ਕੀਤੇ ਜਾ ਰਹੇ ਹਨ ਅਤੇ ਨਮੀ ਦੀ ਨਿਰਧਾਰਤ ਮਾਤਰਾ ਵਾਲੀ ਫ਼ਸਲ ਦੀ ਖ਼ਰੀਦ ਨਿਰਵਿਘਨ ਹੋਵੇਗੀ।
ਸੰਧੇਵਾਲ ਦੀ ਕਰਮਨਜੀਤ ਕੌਰ ਨੇ ਨੀਟ ਦੀ ਪ੍ਰੀਖਿਆ ਕੀਤੀ ਪਾਸ, ਸਰਕਾਰੀ ਰਾਜਿੰਦਰਾ ਕਾਲਜ ਪਟਿਆਲਾ ਵਿਖੇ ਕਰੇਗੀ ਡਾਕਟਰੀ ਦੀ ਪੜ੍ਹਾਈ
ਸ੍ਰੀ ਅਨੰਦਪੁਰ ਸਾਹਿਬ, 28 ਅਗਸਤ (ਦਵਿੰਦਰਪਾਲ ਸਿੰਘ)-ਪਿੰਡ ਸੰਧੇਵਾਲ ਦੀ ਹੋਣਹਾਰ ਵਿਦਿਆਰਥਣ ਕਰਮਨਜੀਤ ਕੌਰ ਨੇ ਨੀਟ ਦੀ ਪ੍ਰੀਖਿਆ ਪਾਸ ਕਰਕੇ ਸਰਕਾਰੀ ਰਾਜਿੰਦਰਾ ਮੈਡੀਕਲ ਕਾਲਜ ਪਟਿਆਲਾ ਵਿਖੇ ਐਮ.ਬੀ.ਬੀ.ਐਸ ਵਿੱਚ ਦਾਖ਼ਲਾ ਲਿਆ ਹੈ। ਪਰਿਵਾਰ ਅਤੇ ਪਿੰਡ ਵਾਸੀਆਂ ਵੱਲੋਂ ਵਿਦਿਆਰਥਣ ਨੂੰ ਸਨਮਾਨਿਤ ਕੀਤਾ ਗਿਆ ਅਤੇ ਉੱਜਵਲ ਭਵਿੱਖ ਦੀ ਕਾਮਨਾ ਕੀਤੀ ਗਈ।
ਪੰਜਾਬ ਟਾਇਮਜ਼	ਵਿਸ਼ੇਸ਼
ਸ੍ਰੀ ਅਨੰਦਪੁਰ ਸਾਹਿਬ, 28 ਅਗਸਤ (ਦਵਿੰਦਰਪਾਲ ਸਿੰਘ)-ਪਿੰਡ ਸੰਧੇਵਾਲ ਦੀ ਹੋਣਹਾਰ ਵਿਦਿਆਰਥਣ ਕਰਮਨਜੀਤ ਕੌਰ ਨੇ ਨੀਟ ਦੀ ਪ੍ਰੀਖਿਆ ਪਾਸ ਕਰਕੇ ਸਰਕਾਰੀ ਰਾਜਿੰਦਰਾ ਮੈਡੀਕਲ ਕਾਲਜ ਪਟਿਆਲਾ ਵਿਖੇ ਐਮ.ਬੀ.ਬੀ.ਐਸ ਵਿੱਚ ਦਾਖ਼ਲਾ ਲਿਆ ਹੈ। ਪਰਿਵਾਰ ਅਤੇ ਪਿੰਡ ਵਾਸੀਆਂ ਵੱਲੋਂ ਵਿਦਿਆਰਥਣ ਨੂੰ ਸਨਮਾਨਿਤ ਕੀਤਾ ਗਿਆ ਅਤੇ ਉੱਜਵਲ ਭਵਿੱਖ ਦੀ ਕਾਮਨਾ ਕੀਤੀ ਗਈ।
ਐਮ.ਬੀ. ਇੰਟਰਨੈਸ਼ਨਲ ਅਤੇ ਮਾਈ ਭਾਗੋ ਸੀਨੀਅਰ ਸੈਕੰਡਰੀ ਸਕੂਲ ਰੱਲਾ ਵੱਲੋਂ ਜ਼ਿਲ੍ਹਾ ਪੱਧਰੀ ਖੇਡਾਂ 'ਚ ਸ਼ਾਨਦਾਰ ਪ੍ਰਦਰਸ਼ਨ
ਮਾਨਸਾ, 28 ਅਗਸਤ (ਹਰਕੇਸ਼ ਕੱਕੜ)-ਐਮ.ਬੀ. ਇੰਟਰਨੈਸ਼ਨਲ ਅਤੇ ਮਾਈ ਭਾਗੋ ਸੀਨੀਅਰ ਸੈਕੰਡਰੀ ਸਕੂਲ ਰੱਲਾ ਦੇ ਵਿਦਿਆਰਥੀਆਂ ਨੇ ਜ਼ਿਲ੍ਹਾ ਪੱਧਰੀ ਖੇਡਾਂ ਵਿੱਚ ਸ਼ਾਨਦਾਰ ਪ੍ਰਦਰਸ਼ਨ ਕਰਦਿਆਂ ਕਈ ਸੋਨੇ, ਚਾਂਦੀ ਅਤੇ ਕਾਂਸੀ ਦੇ ਤਗਮੇ ਜਿੱਤੇ। ਸਕੂਲ ਪ੍ਰਿੰਸੀਪਲ ਨੇ ਜੇਤੂ ਖਿਡਾਰੀਆਂ ਅਤੇ ਕੋਚਾਂ ਨੂੰ ਵਧਾਈ ਦਿੱਤੀ ਅਤੇ ਉਨ੍ਹਾਂ ਨੂੰ ਸੂਬਾ ਪੱਧਰੀ ਮੁਕਾਬਲਿਆਂ ਲਈ ਸ਼ੁਭਕਾਮਨਾਵਾਂ ਦਿੱਤੀਆਂ।
ਪੰਜਾਬ ਟਾਇਮਜ਼	ਵਿਸ਼ੇਸ਼
ਮਾਨਸਾ, 28 ਅਗਸਤ (ਹਰਕੇਸ਼ ਕੱਕੜ)-ਐਮ.ਬੀ. ਇੰਟਰਨੈਸ਼ਨਲ ਅਤੇ ਮਾਈ ਭਾਗੋ ਸੀਨੀਅਰ ਸੈਕੰਡਰੀ ਸਕੂਲ ਰੱਲਾ ਦੇ ਵਿਦਿਆਰਥੀਆਂ ਨੇ ਜ਼ਿਲ੍ਹਾ ਪੱਧਰੀ ਖੇਡਾਂ ਵਿੱਚ ਸ਼ਾਨਦਾਰ ਪ੍ਰਦਰਸ਼ਨ ਕਰਦਿਆਂ ਕਈ ਸੋਨੇ, ਚਾਂਦੀ ਅਤੇ ਕਾਂਸੀ ਦੇ ਤਗਮੇ ਜਿੱਤੇ। ਸਕੂਲ ਪ੍ਰਿੰਸੀਪਲ ਨੇ ਜੇਤੂ ਖਿਡਾਰੀਆਂ ਅਤੇ ਕੋਚਾਂ ਨੂੰ ਵਧਾਈ ਦਿੱਤੀ ਅਤੇ ਉਨ੍ਹਾਂ ਨੂੰ ਸੂਬਾ ਪੱਧਰੀ ਮੁਕਾਬਲਿਆਂ ਲਈ ਸ਼ੁਭਕਾਮਨਾਵਾਂ ਦਿੱਤੀਆਂ।
